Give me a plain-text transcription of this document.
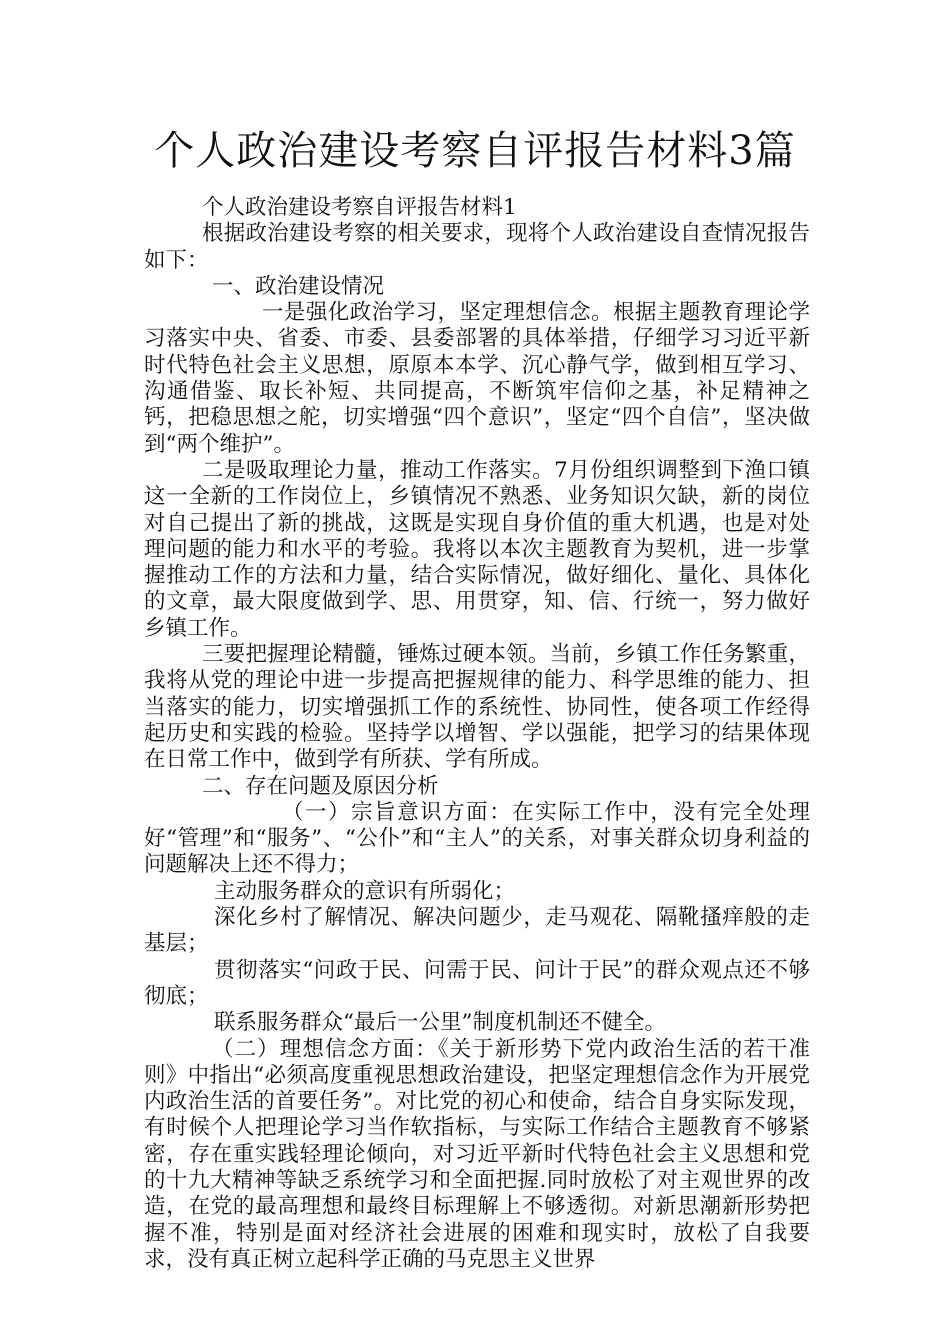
个人政治建设考察自评报告材料3篇

个人政治建设考察自评报告材料1

根据政治建设考察的相关要求，现将个人政治建设自查情况报告如下：

一、政治建设情况

一是强化政治学习，坚定理想信念。根据主题教育理论学习落实中央、省委、市委、县委部署的具体举措，仔细学习习近平新时代特色社会主义思想，原原本本学、沉心静气学，做到相互学习、沟通借鉴、取长补短、共同提高，不断筑牢信仰之基，补足精神之钙，把稳思想之舵，切实增强“四个意识”，坚定“四个自信”，坚决做到“两个维护”。

二是吸取理论力量，推动工作落实。7月份组织调整到下渔口镇这一全新的工作岗位上，乡镇情况不熟悉、业务知识欠缺，新的岗位对自己提出了新的挑战，这既是实现自身价值的重大机遇，也是对处理问题的能力和水平的考验。我将以本次主题教育为契机，进一步掌握推动工作的方法和力量，结合实际情况，做好细化、量化、具体化的文章，最大限度做到学、思、用贯穿，知、信、行统一，努力做好乡镇工作。

三要把握理论精髓，锤炼过硬本领。当前，乡镇工作任务繁重，我将从党的理论中进一步提高把握规律的能力、科学思维的能力、担当落实的能力，切实增强抓工作的系统性、协同性，使各项工作经得起历史和实践的检验。坚持学以增智、学以强能，把学习的结果体现在日常工作中，做到学有所获、学有所成。

二、存在问题及原因分析

（一）宗旨意识方面：在实际工作中，没有完全处理好“管理”和“服务”、“公仆”和“主人”的关系，对事关群众切身利益的问题解决上还不得力；

主动服务群众的意识有所弱化；

深化乡村了解情况、解决问题少，走马观花、隔靴搔痒般的走基层；

贯彻落实“问政于民、问需于民、问计于民”的群众观点还不够彻底；

联系服务群众“最后一公里”制度机制还不健全。

（二）理想信念方面：《关于新形势下党内政治生活的若干准则》中指出“必须高度重视思想政治建设，把坚定理想信念作为开展党内政治生活的首要任务”。对比党的初心和使命，结合自身实际发现，有时候个人把理论学习当作软指标，与实际工作结合主题教育不够紧密，存在重实践轻理论倾向，对习近平新时代特色社会主义思想和党的十九大精神等缺乏系统学习和全面把握.同时放松了对主观世界的改造，在党的最高理想和最终目标理解上不够透彻。对新思潮新形势把握不准，特别是面对经济社会进展的困难和现实时，放松了自我要求，没有真正树立起科学正确的马克思主义世界
